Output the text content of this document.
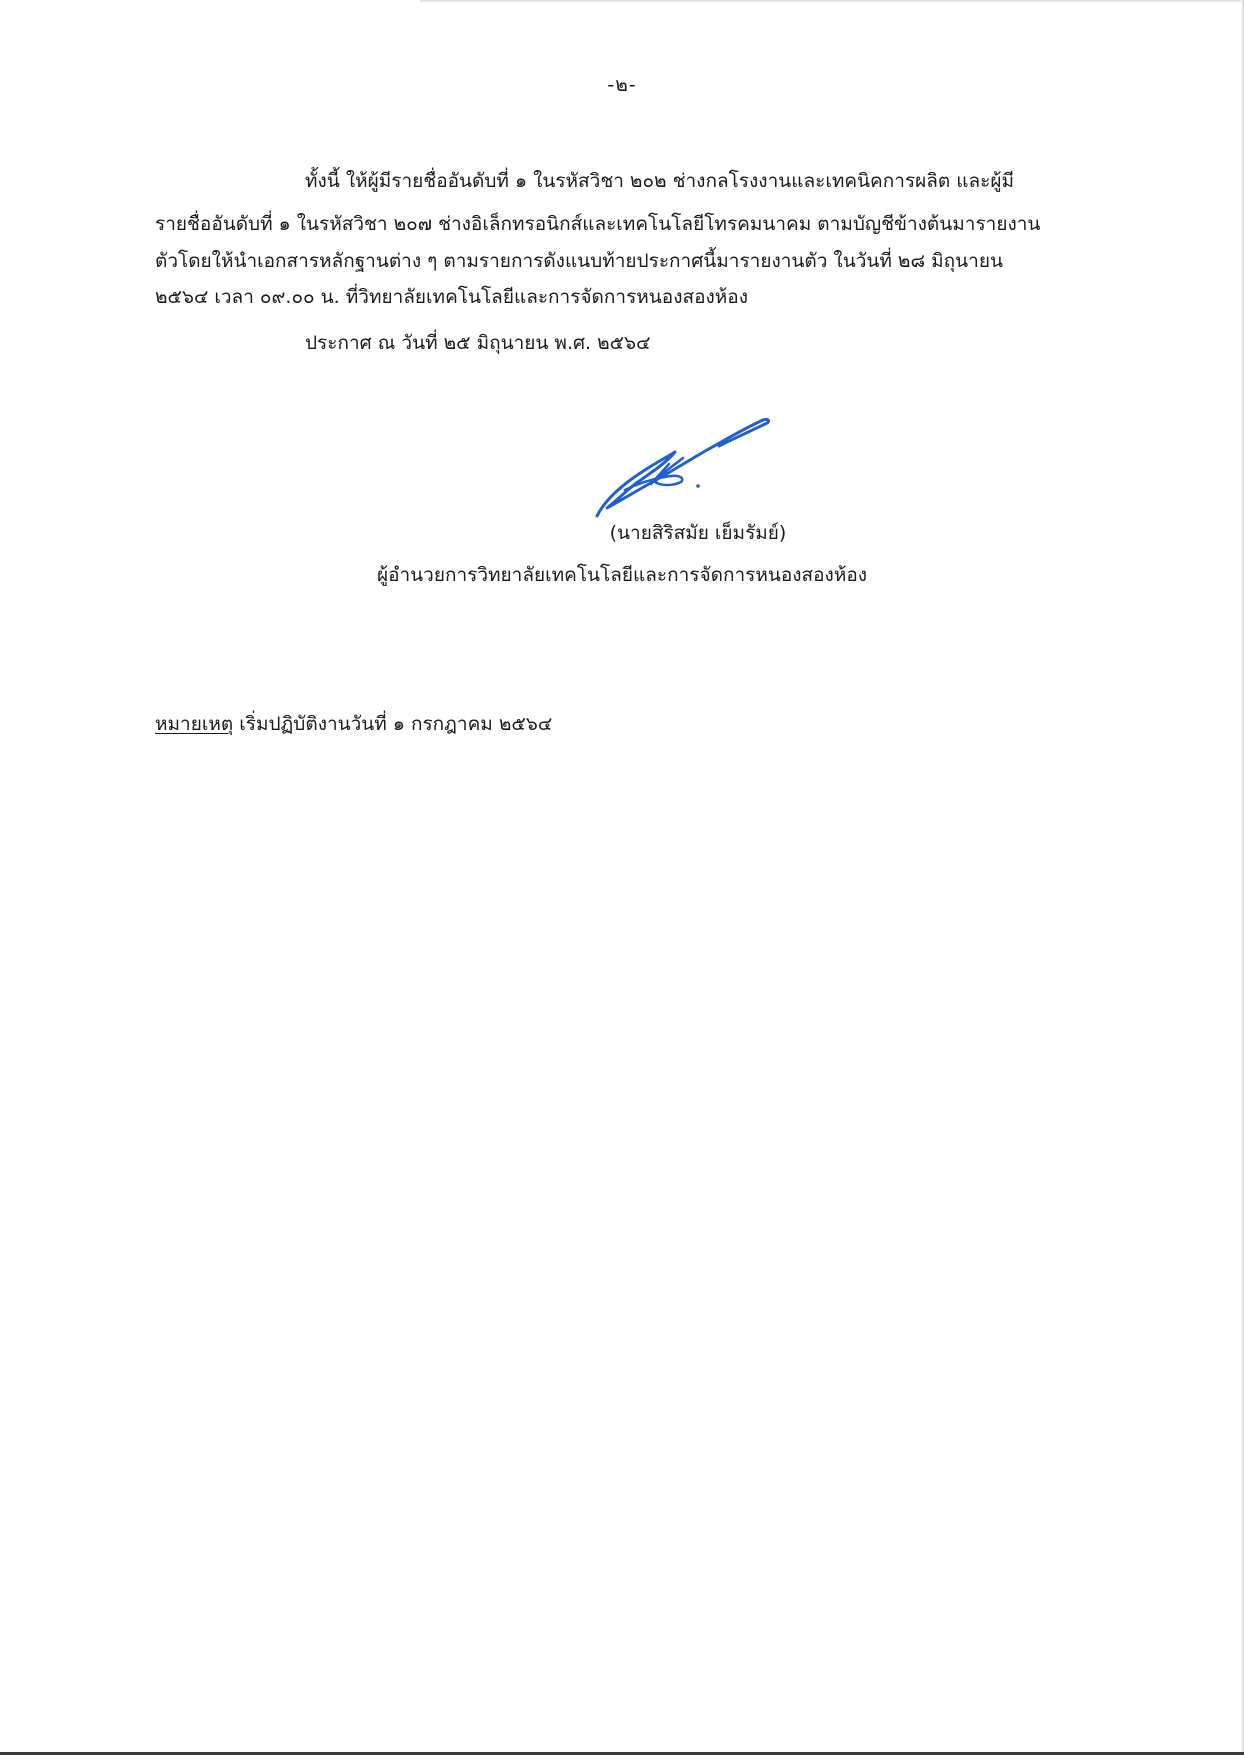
-๒-
ทั้งนี้ ให้ผู้มีรายชื่ออันดับที่ ๑ ในรหัสวิชา ๒๐๒ ช่างกลโรงงานและเทคนิคการผลิต และผู้มี
รายชื่ออันดับที่ ๑ ในรหัสวิชา ๒๐๗ ช่างอิเล็กทรอนิกส์และเทคโนโลยีโทรคมนาคม ตามบัญชีข้างต้นมารายงาน
ตัวโดยให้นำเอกสารหลักฐานต่าง ๆ ตามรายการดังแนบท้ายประกาศนี้มารายงานตัว ในวันที่ ๒๘ มิถุนายน
๒๕๖๔ เวลา ๐๙.๐๐ น. ที่วิทยาลัยเทคโนโลยีและการจัดการหนองสองห้อง
ประกาศ ณ วันที่ ๒๕ มิถุนายน พ.ศ. ๒๕๖๔
(นายสิริสมัย เย็มรัมย์)
ผู้อำนวยการวิทยาลัยเทคโนโลยีและการจัดการหนองสองห้อง
หมายเหตุ เริ่มปฏิบัติงานวันที่ ๑ กรกฎาคม ๒๕๖๔
